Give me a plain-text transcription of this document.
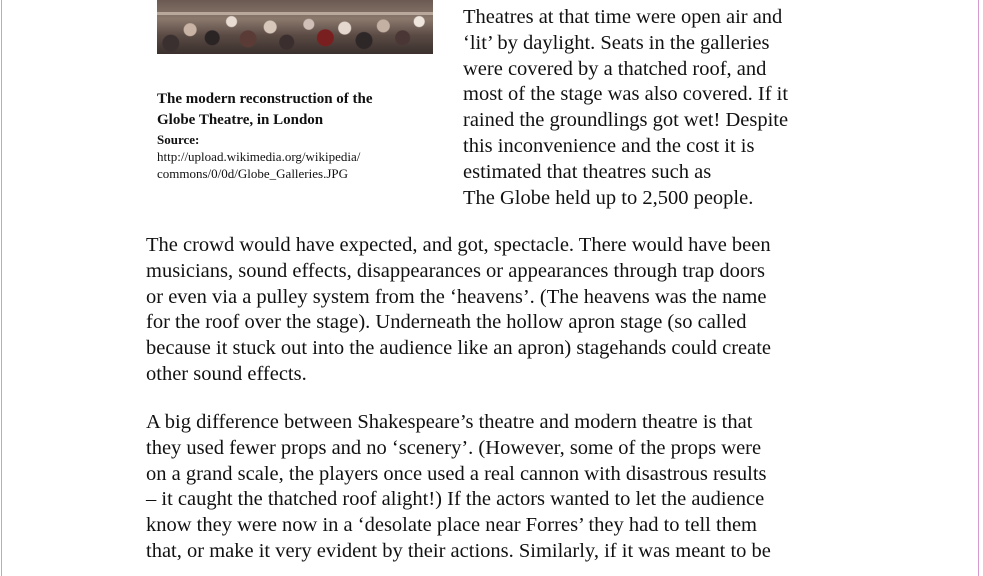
The modern reconstruction of the
Globe Theatre, in London

Source:

http://upload.wikimedia.org/wikipedia/
commons/0/0d/Globe_Galleries.JPG

Theatres at that time were open air and
‘lit’ by daylight. Seats in the galleries
were covered by a thatched roof, and
most of the stage was also covered. If it
rained the groundlings got wet! Despite
this inconvenience and the cost it is
estimated that theatres such as
The Globe held up to 2,500 people.
The crowd would have expected, and got, spectacle. There would have been
musicians, sound effects, disappearances or appearances through trap doors
or even via a pulley system from the ‘heavens’. (The heavens was the name
for the roof over the stage). Underneath the hollow apron stage (so called
because it stuck out into the audience like an apron) stagehands could create
other sound effects.
A big difference between Shakespeare’s theatre and modern theatre is that
they used fewer props and no ‘scenery’. (However, some of the props were
on a grand scale, the players once used a real cannon with disastrous results
– it caught the thatched roof alight!) If the actors wanted to let the audience
know they were now in a ‘desolate place near Forres’ they had to tell them
that, or make it very evident by their actions. Similarly, if it was meant to be
